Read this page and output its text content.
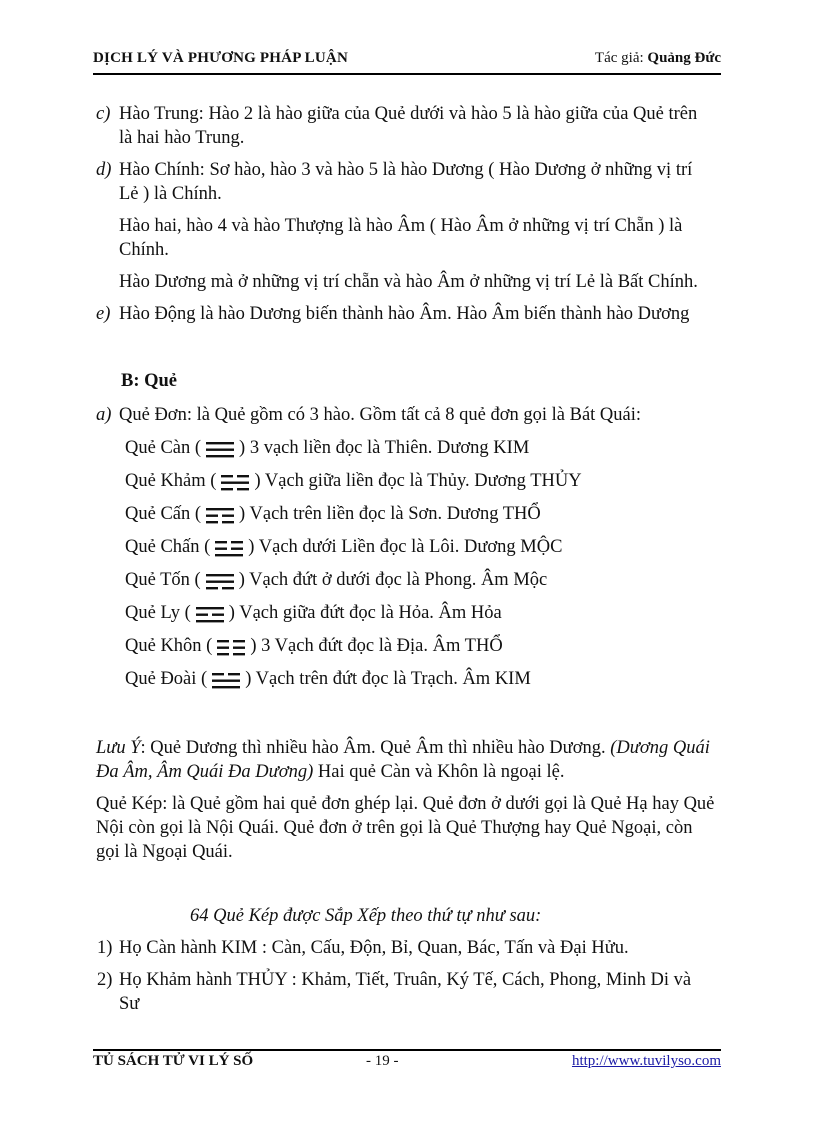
DỊCH LÝ VÀ PHƯƠNG PHÁP LUẬN	Tác giả: Quảng Đức
c) Hào Trung: Hào 2 là hào giữa của Quẻ dưới và hào 5 là hào giữa của Quẻ trên
là hai hào Trung.
d) Hào Chính: Sơ hào, hào 3 và hào 5 là hào Dương ( Hào Dương ở những vị trí
Lẻ ) là Chính.
Hào hai, hào 4 và hào Thượng là hào Âm ( Hào Âm ở những vị trí Chẵn ) là
Chính.
Hào Dương mà ở những vị trí chẵn và hào Âm ở những vị trí Lẻ là Bất Chính.
e) Hào Động là hào Dương biến thành hào Âm. Hào Âm biến thành hào Dương
B: Quẻ
a) Quẻ Đơn: là Quẻ gồm có 3 hào. Gồm tất cả 8 quẻ đơn gọi là Bát Quái:
Quẻ Càn ( ) 3 vạch liền đọc là Thiên. Dương KIM
Quẻ Khảm ( ) Vạch giữa liền đọc là Thủy. Dương THỦY
Quẻ Cấn ( ) Vạch trên liền đọc là Sơn. Dương THỔ
Quẻ Chấn ( ) Vạch dưới Liền đọc là Lôi. Dương MỘC
Quẻ Tốn ( ) Vạch đứt ở dưới đọc là Phong. Âm Mộc
Quẻ Ly ( ) Vạch giữa đứt đọc là Hỏa. Âm Hỏa
Quẻ Khôn ( ) 3 Vạch đứt đọc là Địa. Âm THỔ
Quẻ Đoài ( ) Vạch trên đứt đọc là Trạch. Âm KIM
Lưu Ý: Quẻ Dương thì nhiều hào Âm. Quẻ Âm thì nhiều hào Dương. (Dương Quái
Đa Âm, Âm Quái Đa Dương) Hai quẻ Càn và Khôn là ngoại lệ.
Quẻ Kép: là Quẻ gồm hai quẻ đơn ghép lại. Quẻ đơn ở dưới gọi là Quẻ Hạ hay Quẻ
Nội còn gọi là Nội Quái. Quẻ đơn ở trên gọi là Quẻ Thượng hay Quẻ Ngoại, còn
gọi là Ngoại Quái.
64 Quẻ Kép được Sắp Xếp theo thứ tự như sau:
1) Họ Càn hành KIM : Càn, Cấu, Độn, Bỉ, Quan, Bác, Tấn và Đại Hửu.
2) Họ Khảm hành THỦY : Khảm, Tiết, Truân, Ký Tế, Cách, Phong, Minh Di và
Sư
TỦ SÁCH TỬ VI LÝ SỐ	- 19 -	http://www.tuvilyso.com
